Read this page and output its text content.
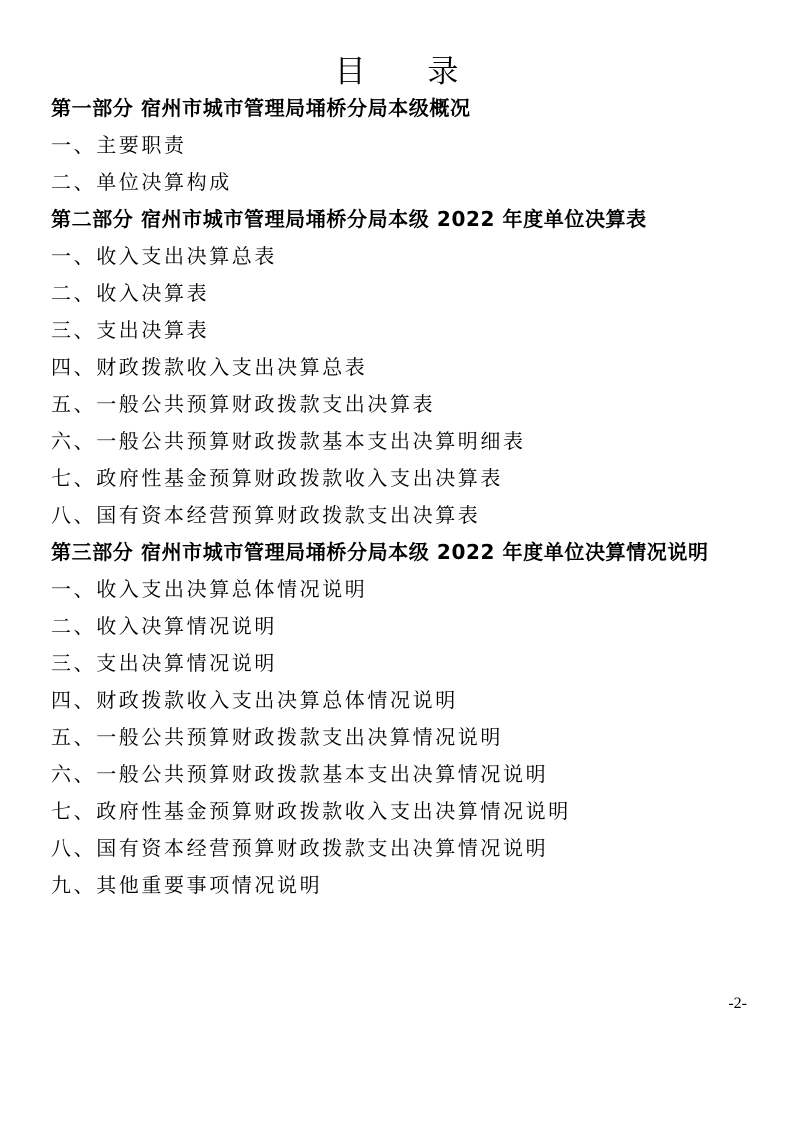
目 录
第一部分 宿州市城市管理局埇桥分局本级概况
一、主要职责
二、单位决算构成
第二部分 宿州市城市管理局埇桥分局本级 2022 年度单位决算表
一、收入支出决算总表
二、收入决算表
三、支出决算表
四、财政拨款收入支出决算总表
五、一般公共预算财政拨款支出决算表
六、一般公共预算财政拨款基本支出决算明细表
七、政府性基金预算财政拨款收入支出决算表
八、国有资本经营预算财政拨款支出决算表
第三部分 宿州市城市管理局埇桥分局本级 2022 年度单位决算情况说明
一、收入支出决算总体情况说明
二、收入决算情况说明
三、支出决算情况说明
四、财政拨款收入支出决算总体情况说明
五、一般公共预算财政拨款支出决算情况说明
六、一般公共预算财政拨款基本支出决算情况说明
七、政府性基金预算财政拨款收入支出决算情况说明
八、国有资本经营预算财政拨款支出决算情况说明
九、其他重要事项情况说明
-2-
